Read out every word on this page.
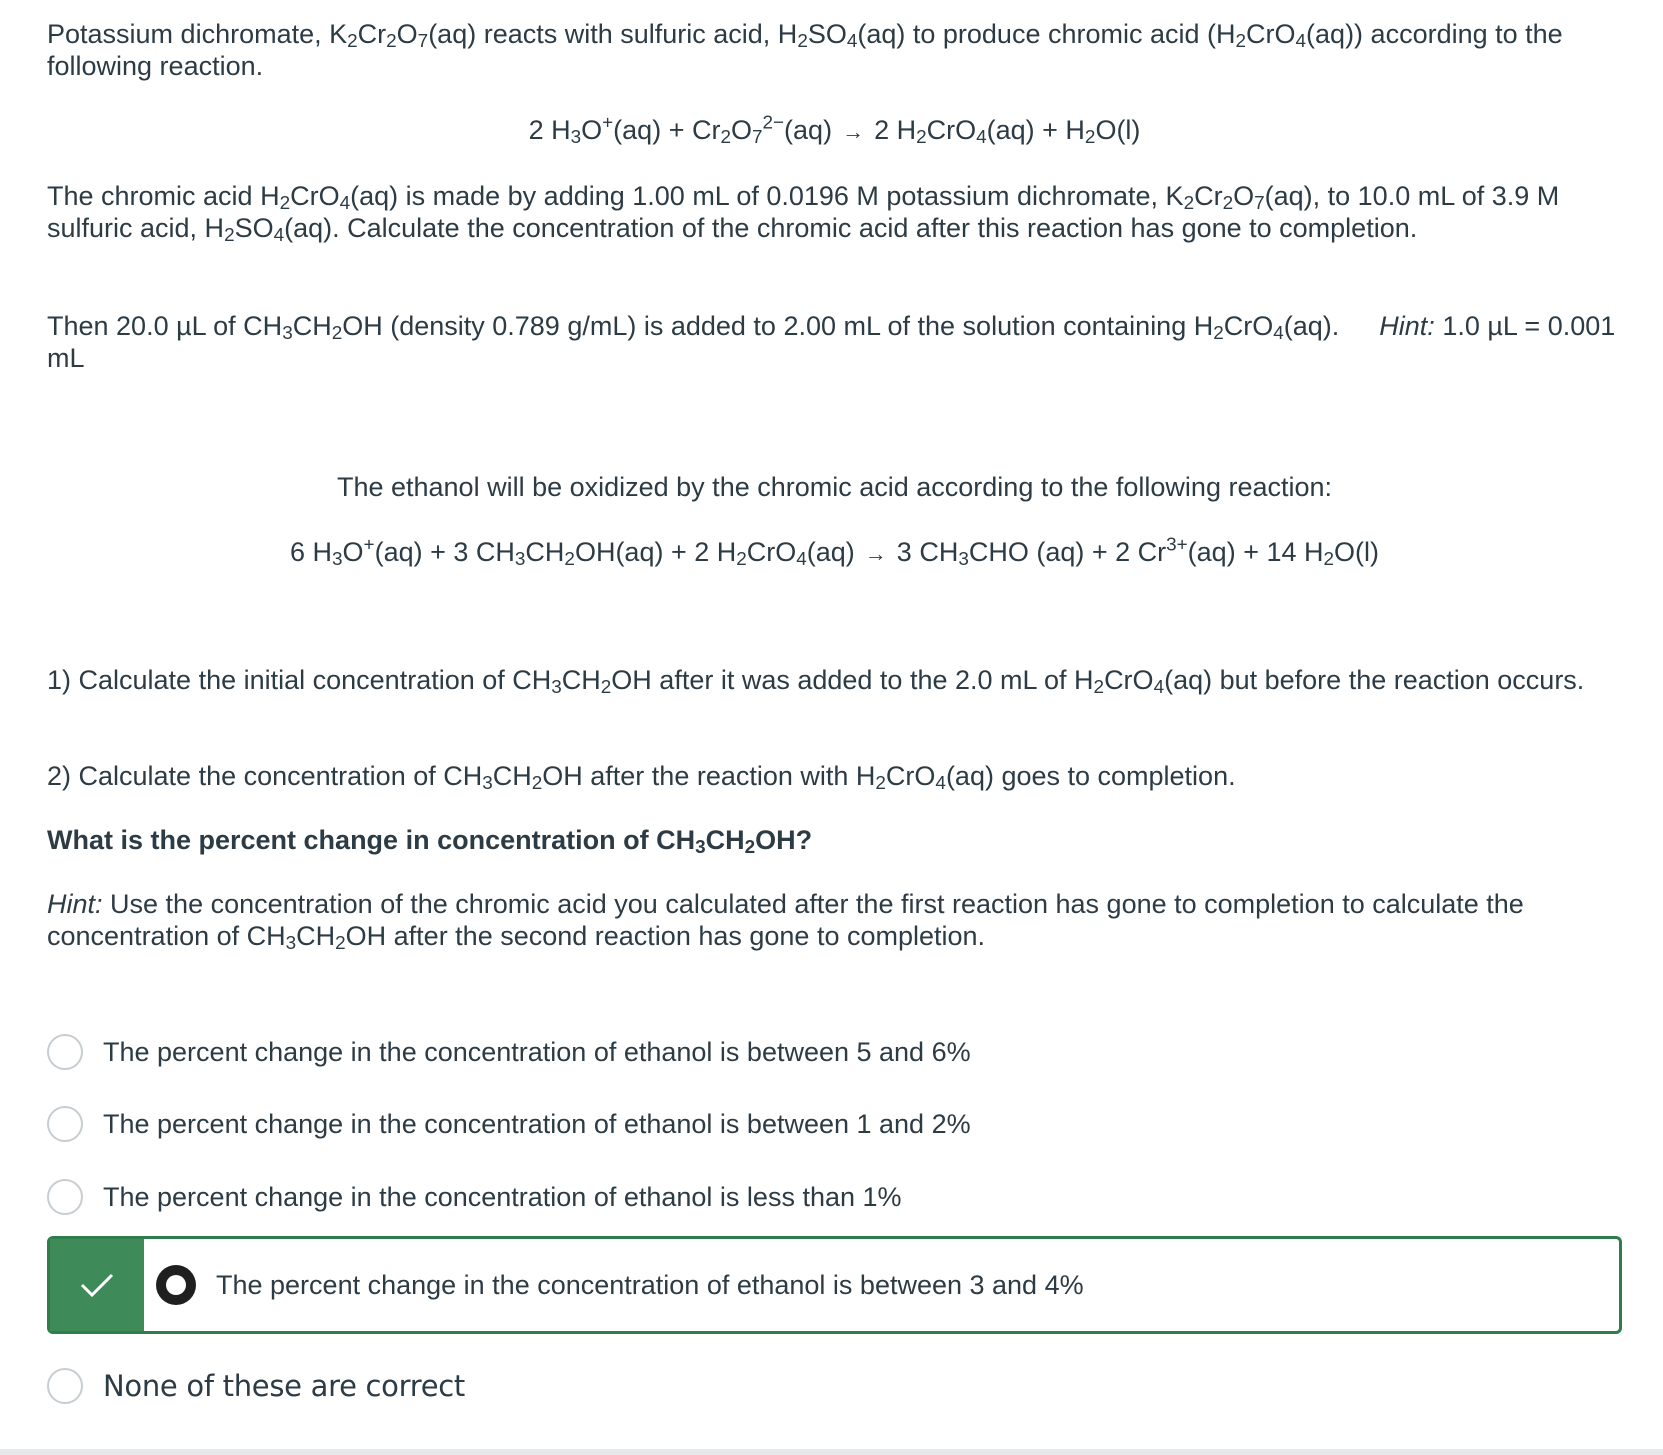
Potassium dichromate, $K_2Cr_2O_7(aq)$ reacts with sulfuric acid, $H_2SO_4(aq)$ to produce chromic acid $(H_2CrO_4(aq))$ according to the following reaction.

2 $H_3O^+(aq) + Cr_2O_7^{2-}(aq) \to 2$ $H_2CrO_4(aq) + H_2O(l)$

The chromic acid $H_2CrO_4(aq)$ is made by adding 1.00 mL of 0.0196 M potassium dichromate, $K_2Cr_2O_7(aq)$, to 10.0 mL of 3.9 M sulfuric acid, $H_2SO_4(aq)$. Calculate the concentration of the chromic acid after this reaction has gone to completion.

Then 20.0 µL of $CH_3CH_2OH$ (density 0.789 g/mL) is added to 2.00 mL of the solution containing $H_2CrO_4(aq)$. Hint: 1.0 µL = 0.001 mL

The ethanol will be oxidized by the chromic acid according to the following reaction:

6 $H_3O^+(aq) + 3$ $CH_3CH_2OH(aq) + 2$ $H_2CrO_4(aq) \to 3$ $CH_3CHO$ (aq) + 2 $Cr^{3+}(aq) + 14$ $H_2O(l)$

1) Calculate the initial concentration of $CH_3CH_2OH$ after it was added to the 2.0 mL of $H_2CrO_4(aq)$ but before the reaction occurs.

2) Calculate the concentration of $CH_3CH_2OH$ after the reaction with $H_2CrO_4(aq)$ goes to completion.

What is the percent change in concentration of $CH_3CH_2OH$?

Hint: Use the concentration of the chromic acid you calculated after the first reaction has gone to completion to calculate the concentration of $CH_3CH_2OH$ after the second reaction has gone to completion.

The percent change in the concentration of ethanol is between 5 and 6%
The percent change in the concentration of ethanol is between 1 and 2%
The percent change in the concentration of ethanol is less than 1%
The percent change in the concentration of ethanol is between 3 and 4%
None of these are correct
